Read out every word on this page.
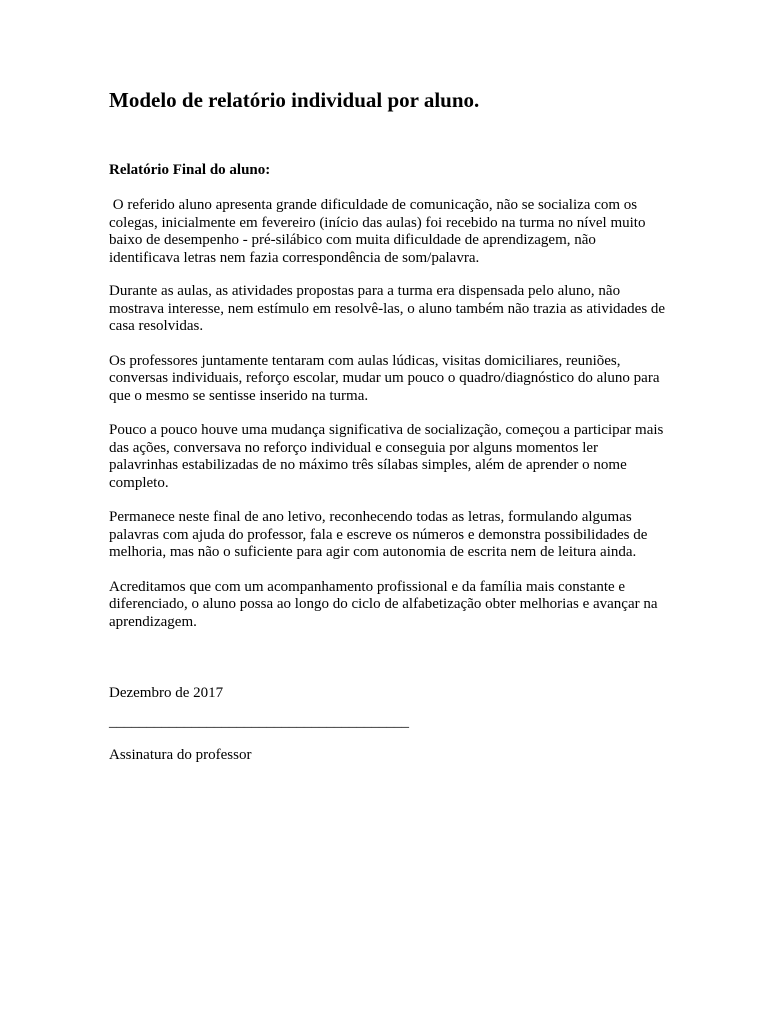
Modelo de relatório individual por aluno.

Relatório Final do aluno:

O referido aluno apresenta grande dificuldade de comunicação, não se socializa com os colegas, inicialmente em fevereiro (início das aulas) foi recebido na turma no nível muito baixo de desempenho - pré-silábico com muita dificuldade de aprendizagem, não identificava letras nem fazia correspondência de som/palavra.

Durante as aulas, as atividades propostas para a turma era dispensada pelo aluno, não mostrava interesse, nem estímulo em resolvê-las, o aluno também não trazia as atividades de casa resolvidas.

Os professores juntamente tentaram com aulas lúdicas, visitas domiciliares, reuniões, conversas individuais, reforço escolar, mudar um pouco o quadro/diagnóstico do aluno para que o mesmo se sentisse inserido na turma.

Pouco a pouco houve uma mudança significativa de socialização, começou a participar mais das ações, conversava no reforço individual e conseguia por alguns momentos ler palavrinhas estabilizadas de no máximo três sílabas simples, além de aprender o nome completo.

Permanece neste final de ano letivo, reconhecendo todas as letras, formulando algumas palavras com ajuda do professor, fala e escreve os números e demonstra possibilidades de melhoria, mas não o suficiente para agir com autonomia de escrita nem de leitura ainda.

Acreditamos que com um acompanhamento profissional e da família mais constante e diferenciado, o aluno possa ao longo do ciclo de alfabetização obter melhorias e avançar na aprendizagem.

Dezembro de 2017

________________________________________

Assinatura do professor
